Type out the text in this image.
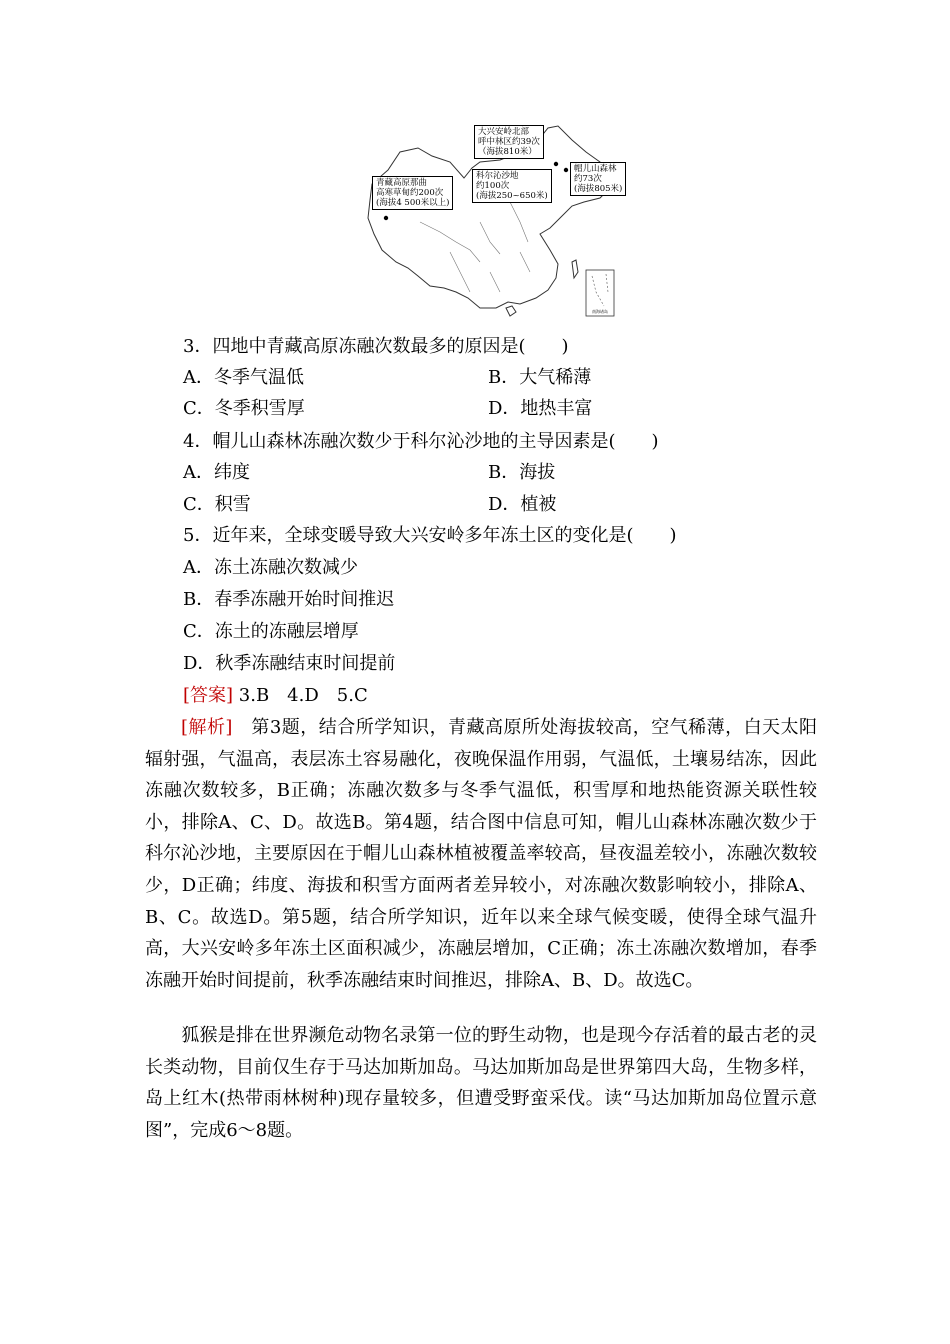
大兴安岭北部
呼中林区约39次
（海拔810米）
青藏高原那曲
高寒草甸约200次
(海拔4 500米以上)
科尔沁沙地
约100次
(海拔250~650米)
帽儿山森林
约73次
(海拔805米)
南海诸岛
3．四地中青藏高原冻融次数最多的原因是(　　)
A．冬季气温低	B．大气稀薄
C．冬季积雪厚	D．地热丰富
4．帽儿山森林冻融次数少于科尔沁沙地的主导因素是(　　)
A．纬度	B．海拔
C．积雪	D．植被
5．近年来，全球变暖导致大兴安岭多年冻土区的变化是(　　)
A．冻土冻融次数减少
B．春季冻融开始时间推迟
C．冻土的冻融层增厚
D．秋季冻融结束时间提前
[答案] 3.B　4.D　5.C
[解析]　第3题，结合所学知识，青藏高原所处海拔较高，空气稀薄，白天太阳辐射强，气温高，表层冻土容易融化，夜晚保温作用弱，气温低，土壤易结冻，因此冻融次数较多，B正确；冻融次数多与冬季气温低，积雪厚和地热能资源关联性较小，排除A、C、D。故选B。第4题，结合图中信息可知，帽儿山森林冻融次数少于科尔沁沙地，主要原因在于帽儿山森林植被覆盖率较高，昼夜温差较小，冻融次数较少，D正确；纬度、海拔和积雪方面两者差异较小，对冻融次数影响较小，排除A、B、C。故选D。第5题，结合所学知识，近年以来全球气候变暖，使得全球气温升高，大兴安岭多年冻土区面积减少，冻融层增加，C正确；冻土冻融次数增加，春季冻融开始时间提前，秋季冻融结束时间推迟，排除A、B、D。故选C。
　　狐猴是排在世界濒危动物名录第一位的野生动物，也是现今存活着的最古老的灵长类动物，目前仅生存于马达加斯加岛。马达加斯加岛是世界第四大岛，生物多样，岛上红木(热带雨林树种)现存量较多，但遭受野蛮采伐。读“马达加斯加岛位置示意图”，完成6～8题。
